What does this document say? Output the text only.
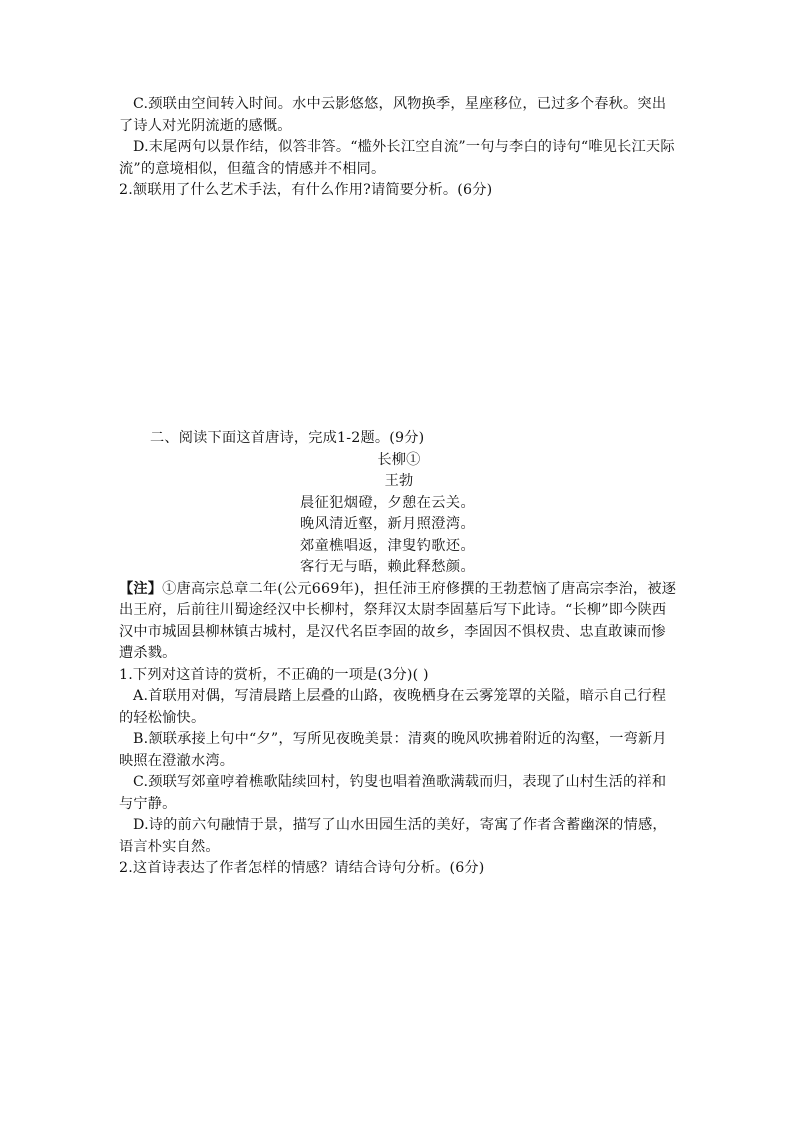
C.颈联由空间转入时间。水中云影悠悠，风物换季，星座移位，已过多个春秋。突出了诗人对光阴流逝的感慨。

D.末尾两句以景作结，似答非答。“槛外长江空自流”一句与李白的诗句“唯见长江天际流”的意境相似，但蕴含的情感并不相同。

2.颔联用了什么艺术手法，有什么作用?请简要分析。(6分)

二、阅读下面这首唐诗，完成1-2题。(9分)

长柳①
王勃
晨征犯烟磴，夕憩在云关。
晚风清近壑，新月照澄湾。
郊童樵唱返，津叟钓歌还。
客行无与晤，赖此释愁颜。

【注】①唐高宗总章二年(公元669年)，担任沛王府修撰的王勃惹恼了唐高宗李治，被逐出王府，后前往川蜀途经汉中长柳村，祭拜汉太尉李固墓后写下此诗。“长柳”即今陕西汉中市城固县柳林镇古城村，是汉代名臣李固的故乡，李固因不惧权贵、忠直敢谏而惨遭杀戮。

1.下列对这首诗的赏析，不正确的一项是(3分)( )

A.首联用对偶，写清晨踏上层叠的山路，夜晚栖身在云雾笼罩的关隘，暗示自己行程的轻松愉快。

B.颔联承接上句中“夕”，写所见夜晚美景：清爽的晚风吹拂着附近的沟壑，一弯新月映照在澄澈水湾。

C.颈联写郊童哼着樵歌陆续回村，钓叟也唱着渔歌满载而归，表现了山村生活的祥和与宁静。

D.诗的前六句融情于景，描写了山水田园生活的美好，寄寓了作者含蓄幽深的情感，语言朴实自然。

2.这首诗表达了作者怎样的情感？请结合诗句分析。(6分)
